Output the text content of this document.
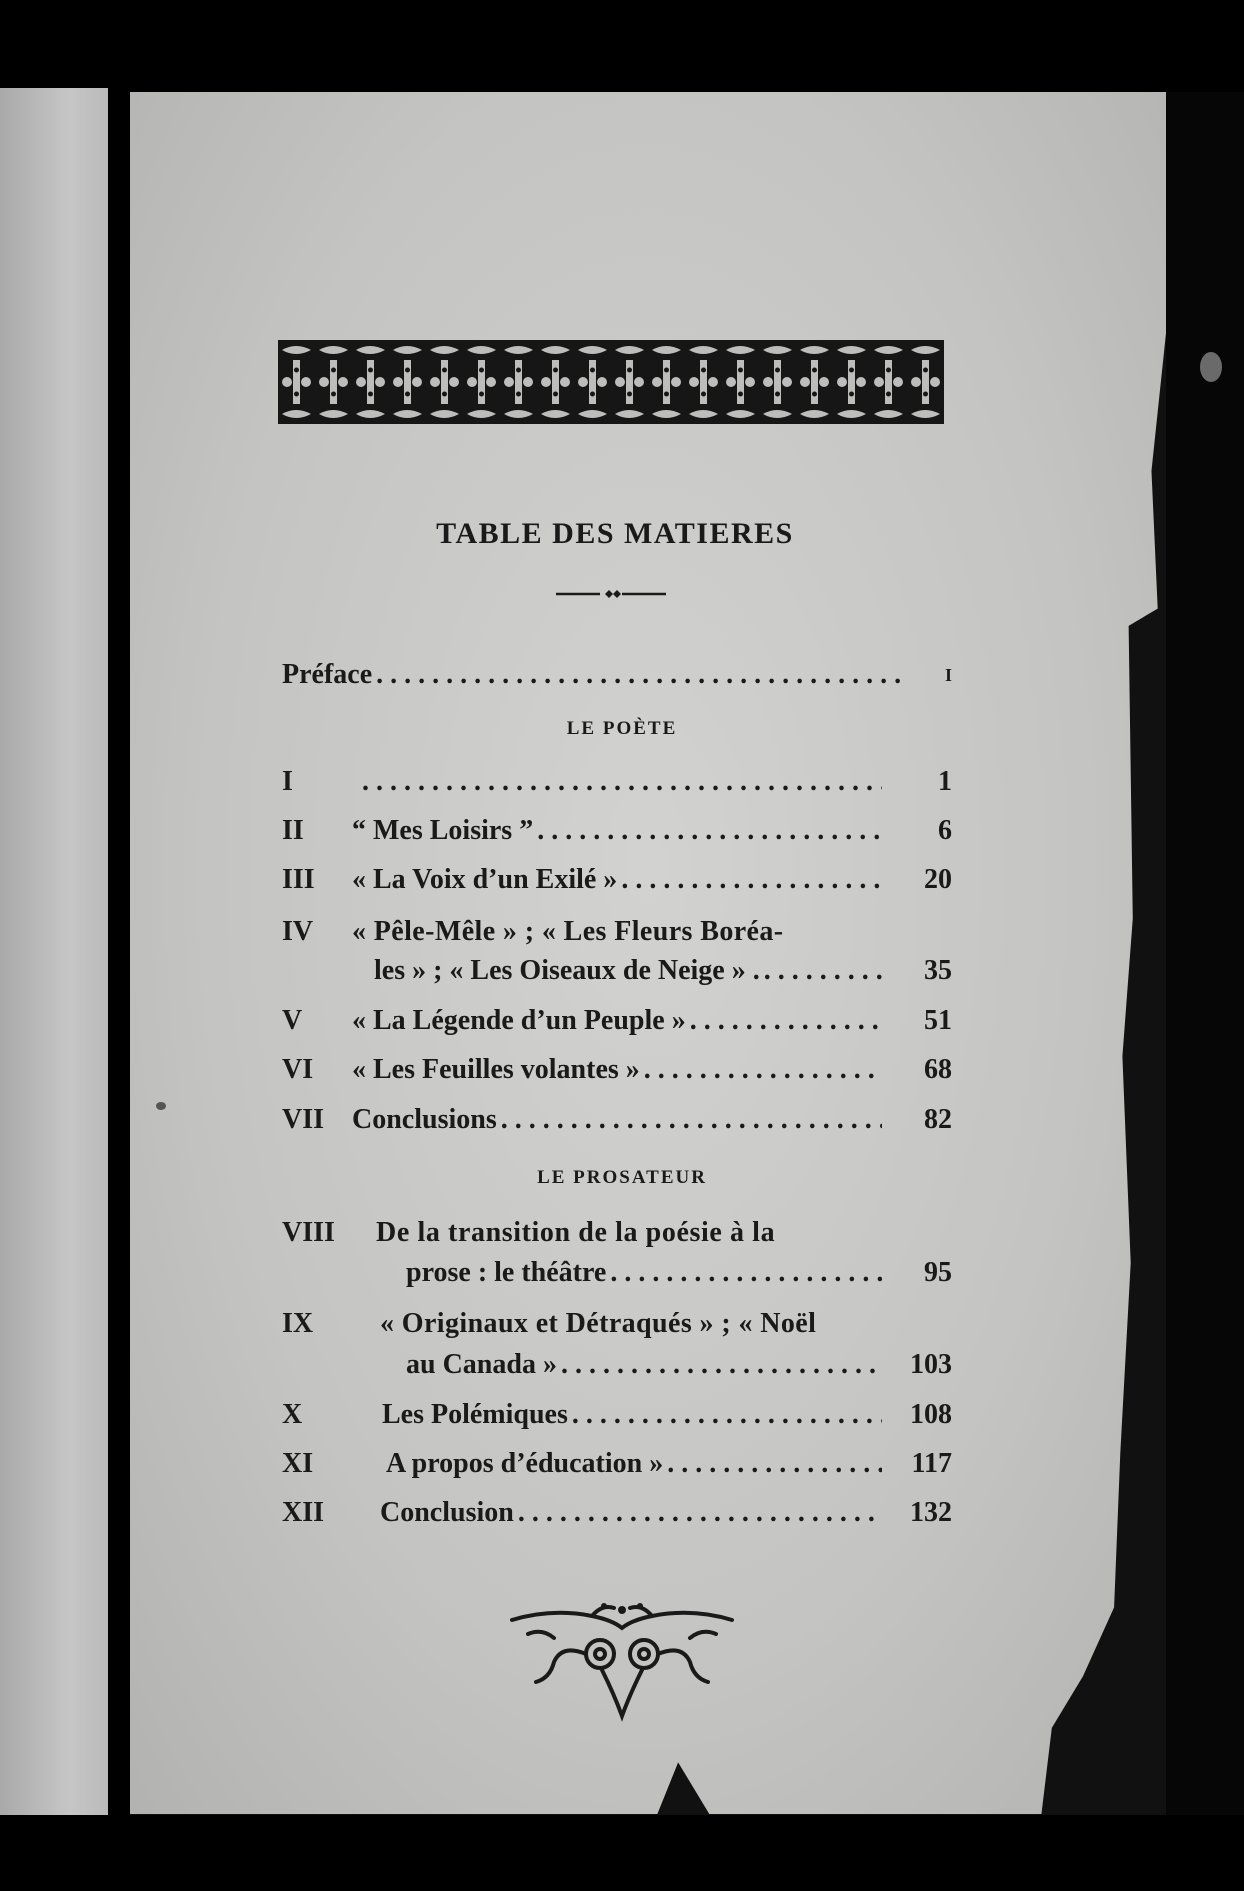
TABLE DES MATIERES
Préface . . .	I
LE POÈTE
I . . .	1
II “ Mes Loisirs ” . . .	6
III « La Voix d’un Exilé » . . .	20
IV « Pêle-Mêle » ; « Les Fleurs Boréa-
les » ; « Les Oiseaux de Neige » . . . .	35
V « La Légende d’un Peuple » . . .	51
VI « Les Feuilles volantes » . . .	68
VII Conclusions . . .	82
LE PROSATEUR
VIII De la transition de la poésie à la
prose : le théâtre . . .	95
IX « Originaux et Détraqués » ; « Noël
au Canada » . . .	103
X	Les Polémiques . . .	108
XI	A propos d’éducation » . . .	117
XII Conclusion . . .	132
